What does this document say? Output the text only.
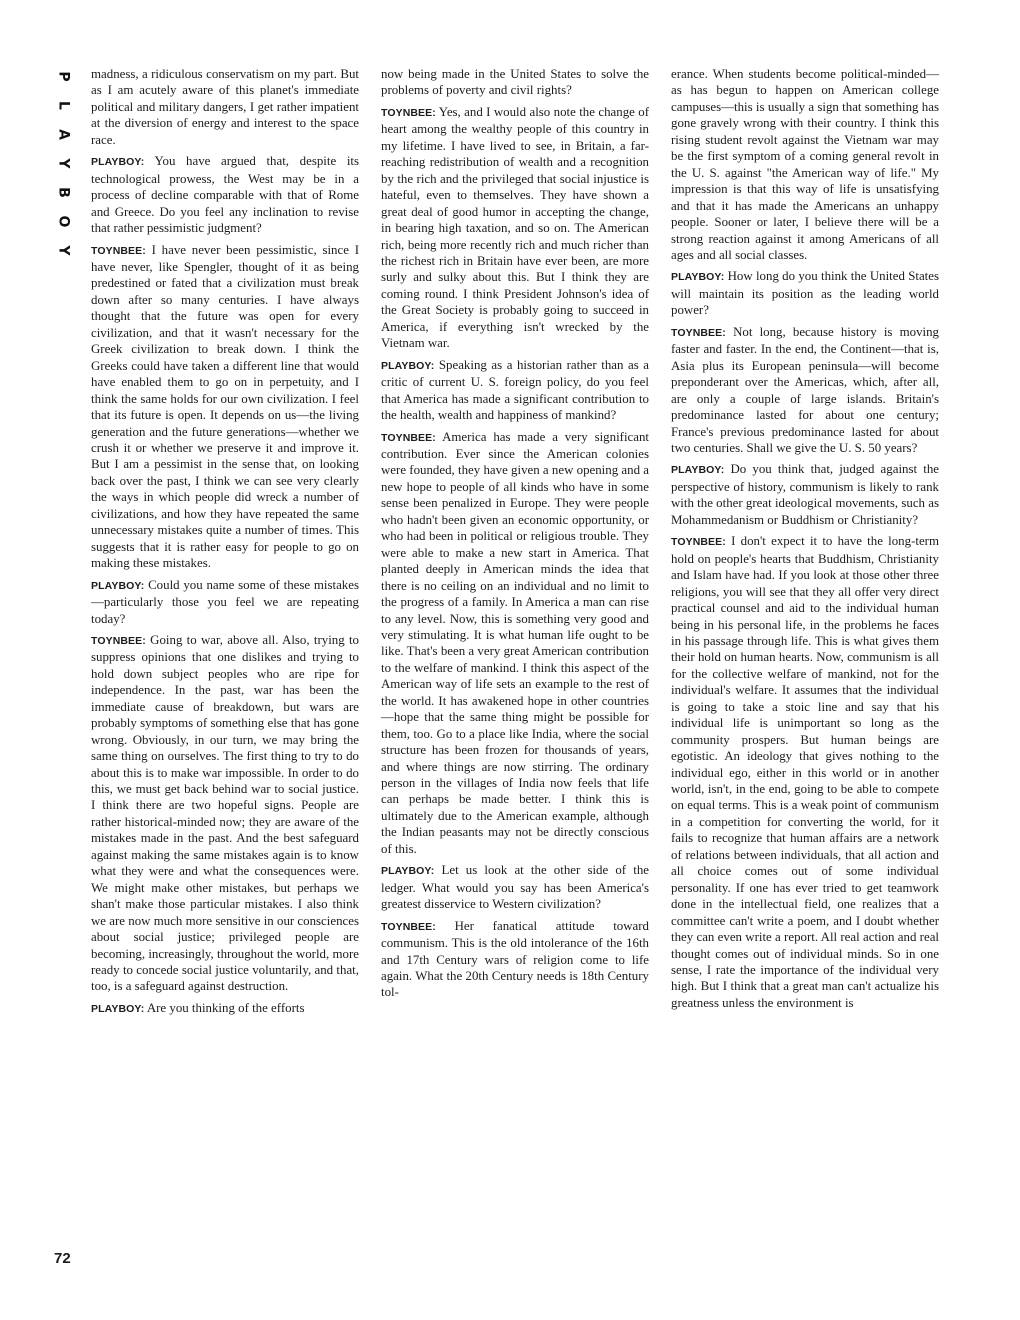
P
L
A
Y
B
O
Y
72

madness, a ridiculous conservatism on my part. But as I am acutely aware of this planet's immediate political and military dangers, I get rather impatient at the diversion of energy and interest to the space race.

PLAYBOY: You have argued that, despite its technological prowess, the West may be in a process of decline comparable with that of Rome and Greece. Do you feel any inclination to revise that rather pessimistic judgment?

TOYNBEE: I have never been pessimistic, since I have never, like Spengler, thought of it as being predestined or fated that a civilization must break down after so many centuries. I have always thought that the future was open for every civilization, and that it wasn't necessary for the Greek civilization to break down. I think the Greeks could have taken a different line that would have enabled them to go on in perpetuity, and I think the same holds for our own civilization. I feel that its future is open. It depends on us—the living generation and the future generations—whether we crush it or whether we preserve it and improve it. But I am a pessimist in the sense that, on looking back over the past, I think we can see very clearly the ways in which people did wreck a number of civilizations, and how they have repeated the same unnecessary mistakes quite a number of times. This suggests that it is rather easy for people to go on making these mistakes.

PLAYBOY: Could you name some of these mistakes—particularly those you feel we are repeating today?

TOYNBEE: Going to war, above all. Also, trying to suppress opinions that one dislikes and trying to hold down subject peoples who are ripe for independence. In the past, war has been the immediate cause of breakdown, but wars are probably symptoms of something else that has gone wrong. Obviously, in our turn, we may bring the same thing on ourselves. The first thing to try to do about this is to make war impossible. In order to do this, we must get back behind war to social justice. I think there are two hopeful signs. People are rather historical-minded now; they are aware of the mistakes made in the past. And the best safeguard against making the same mistakes again is to know what they were and what the consequences were. We might make other mistakes, but perhaps we shan't make those particular mistakes. I also think we are now much more sensitive in our consciences about social justice; privileged people are becoming, increasingly, throughout the world, more ready to concede social justice voluntarily, and that, too, is a safeguard against destruction.

PLAYBOY: Are you thinking of the efforts

now being made in the United States to solve the problems of poverty and civil rights?

TOYNBEE: Yes, and I would also note the change of heart among the wealthy people of this country in my lifetime. I have lived to see, in Britain, a far-reaching redistribution of wealth and a recognition by the rich and the privileged that social injustice is hateful, even to themselves. They have shown a great deal of good humor in accepting the change, in bearing high taxation, and so on. The American rich, being more recently rich and much richer than the richest rich in Britain have ever been, are more surly and sulky about this. But I think they are coming round. I think President Johnson's idea of the Great Society is probably going to succeed in America, if everything isn't wrecked by the Vietnam war.

PLAYBOY: Speaking as a historian rather than as a critic of current U. S. foreign policy, do you feel that America has made a significant contribution to the health, wealth and happiness of mankind?

TOYNBEE: America has made a very significant contribution. Ever since the American colonies were founded, they have given a new opening and a new hope to people of all kinds who have in some sense been penalized in Europe. They were people who hadn't been given an economic opportunity, or who had been in political or religious trouble. They were able to make a new start in America. That planted deeply in American minds the idea that there is no ceiling on an individual and no limit to the progress of a family. In America a man can rise to any level. Now, this is something very good and very stimulating. It is what human life ought to be like. That's been a very great American contribution to the welfare of mankind. I think this aspect of the American way of life sets an example to the rest of the world. It has awakened hope in other countries—hope that the same thing might be possible for them, too. Go to a place like India, where the social structure has been frozen for thousands of years, and where things are now stirring. The ordinary person in the villages of India now feels that life can perhaps be made better. I think this is ultimately due to the American example, although the Indian peasants may not be directly conscious of this.

PLAYBOY: Let us look at the other side of the ledger. What would you say has been America's greatest disservice to Western civilization?

TOYNBEE: Her fanatical attitude toward communism. This is the old intolerance of the 16th and 17th Century wars of religion come to life again. What the 20th Century needs is 18th Century tol-

erance. When students become political-minded—as has begun to happen on American college campuses—this is usually a sign that something has gone gravely wrong with their country. I think this rising student revolt against the Vietnam war may be the first symptom of a coming general revolt in the U. S. against "the American way of life." My impression is that this way of life is unsatisfying and that it has made the Americans an unhappy people. Sooner or later, I believe there will be a strong reaction against it among Americans of all ages and all social classes.

PLAYBOY: How long do you think the United States will maintain its position as the leading world power?

TOYNBEE: Not long, because history is moving faster and faster. In the end, the Continent—that is, Asia plus its European peninsula—will become preponderant over the Americas, which, after all, are only a couple of large islands. Britain's predominance lasted for about one century; France's previous predominance lasted for about two centuries. Shall we give the U. S. 50 years?

PLAYBOY: Do you think that, judged against the perspective of history, communism is likely to rank with the other great ideological movements, such as Mohammedanism or Buddhism or Christianity?

TOYNBEE: I don't expect it to have the long-term hold on people's hearts that Buddhism, Christianity and Islam have had. If you look at those other three religions, you will see that they all offer very direct practical counsel and aid to the individual human being in his personal life, in the problems he faces in his passage through life. This is what gives them their hold on human hearts. Now, communism is all for the collective welfare of mankind, not for the individual's welfare. It assumes that the individual is going to take a stoic line and say that his individual life is unimportant so long as the community prospers. But human beings are egotistic. An ideology that gives nothing to the individual ego, either in this world or in another world, isn't, in the end, going to be able to compete on equal terms. This is a weak point of communism in a competition for converting the world, for it fails to recognize that human affairs are a network of relations between individuals, that all action and all choice comes out of some individual personality. If one has ever tried to get teamwork done in the intellectual field, one realizes that a committee can't write a poem, and I doubt whether they can even write a report. All real action and real thought comes out of individual minds. So in one sense, I rate the importance of the individual very high. But I think that a great man can't actualize his greatness unless the environment is
